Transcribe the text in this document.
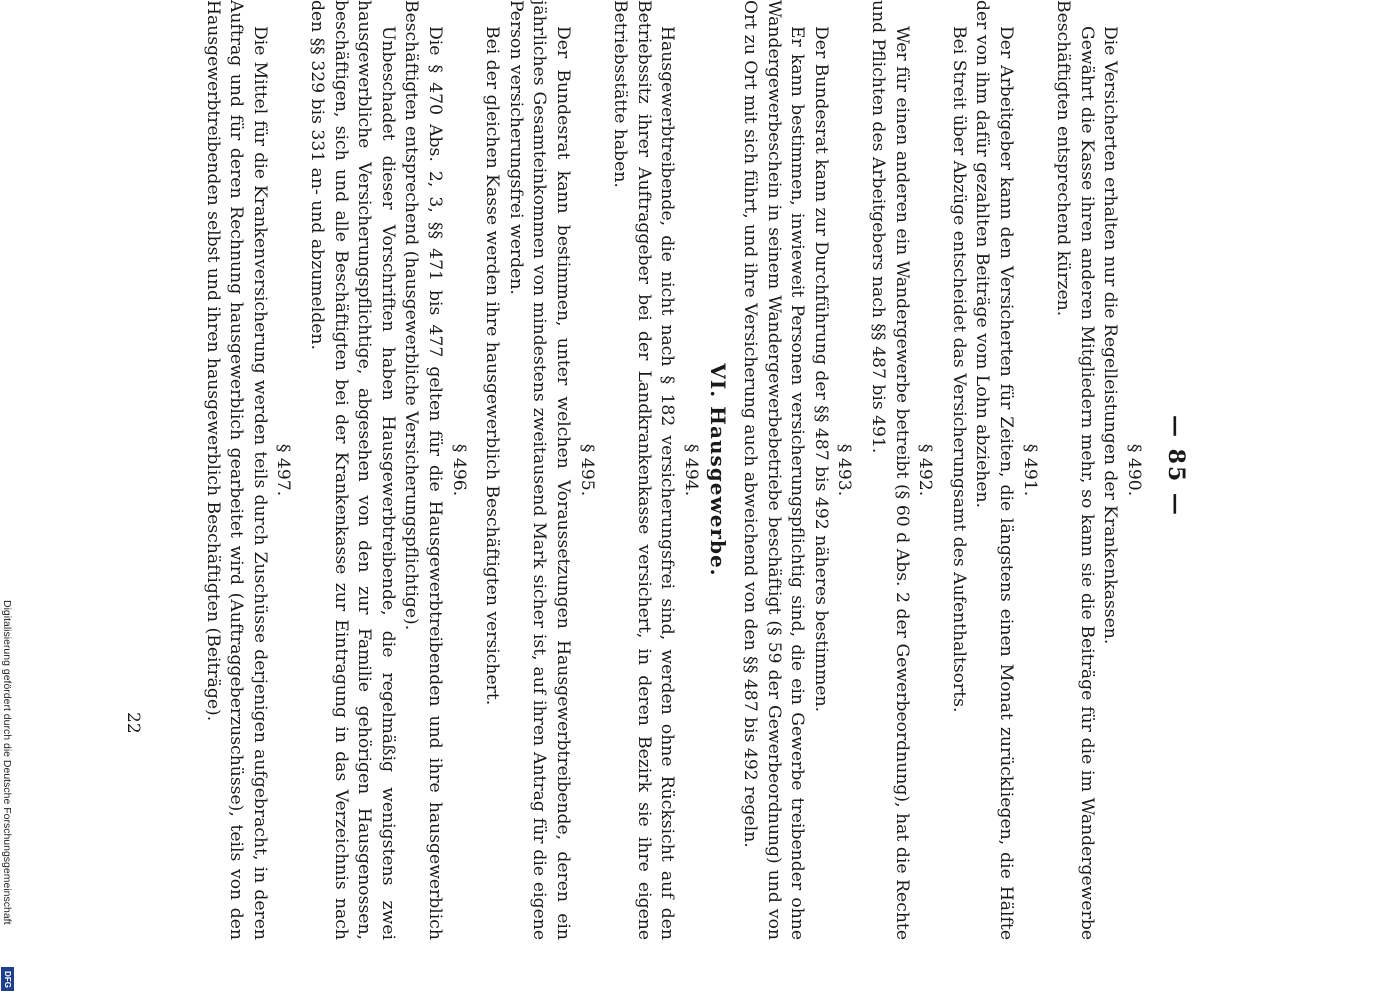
— 85 —

§ 490.

Die Versicherten erhalten nur die Regelleistungen der Krankenkassen.

Gewährt die Kasse ihren anderen Mitgliedern mehr, so kann sie die Beiträge für die im Wandergewerbe Beschäftigten entsprechend kürzen.

§ 491.

Der Arbeitgeber kann den Versicherten für Zeiten, die längstens einen Monat zurückliegen, die Hälfte der von ihm dafür gezahlten Beiträge vom Lohn abziehen.

Bei Streit über Abzüge entscheidet das Versicherungsamt des Aufenthaltsorts.

§ 492.

Wer für einen anderen ein Wandergewerbe betreibt (§ 60 d Abs. 2 der Gewerbeordnung), hat die Rechte und Pflichten des Arbeitgebers nach §§ 487 bis 491.

§ 493.

Der Bundesrat kann zur Durchführung der §§ 487 bis 492 näheres bestimmen.

Er kann bestimmen, inwieweit Personen versicherungspflichtig sind, die ein Gewerbe treibender ohne Wandergewerbeschein in seinem Wandergewerbebetriebe beschäftigt (§ 59 der Gewerbeordnung) und von Ort zu Ort mit sich führt, und ihre Versicherung auch abweichend von den §§ 487 bis 492 regeln.

VI. Hausgewerbe.

§ 494.

Hausgewerbtreibende, die nicht nach § 182 versicherungsfrei sind, werden ohne Rücksicht auf den Betriebssitz ihrer Auftraggeber bei der Landkrankenkasse versichert, in deren Bezirk sie ihre eigene Betriebsstätte haben.

§ 495.

Der Bundesrat kann bestimmen, unter welchen Voraussetzungen Hausgewerbtreibende, deren ein jährliches Gesamteinkommen von mindestens zweitausend Mark sicher ist, auf ihren Antrag für die eigene Person versicherungsfrei werden.

Bei der gleichen Kasse werden ihre hausgewerblich Beschäftigten versichert.

§ 496.

Die § 470 Abs. 2, 3, §§ 471 bis 477 gelten für die Hausgewerbtreibenden und ihre hausgewerblich Beschäftigten entsprechend (hausgewerbliche Versicherungspflichtige).

Unbeschadet dieser Vorschriften haben Hausgewerbtreibende, die regelmäßig wenigstens zwei hausgewerbliche Versicherungspflichtige, abgesehen von den zur Familie gehörigen Hausgenossen, beschäftigen, sich und alle Beschäftigten bei der Krankenkasse zur Eintragung in das Verzeichnis nach den §§ 329 bis 331 an- und abzumelden.

§ 497.

Die Mittel für die Krankenversicherung werden teils durch Zuschüsse derjenigen aufgebracht, in deren Auftrag und für deren Rechnung hausgewerblich gearbeitet wird (Auftraggeberzuschüsse), teils von den Hausgewerbtreibenden selbst und ihren hausgewerblich Beschäftigten (Beiträge).

22
Digitalisierung gefördert durch die Deutsche Forschungsgemeinschaft
DFG
